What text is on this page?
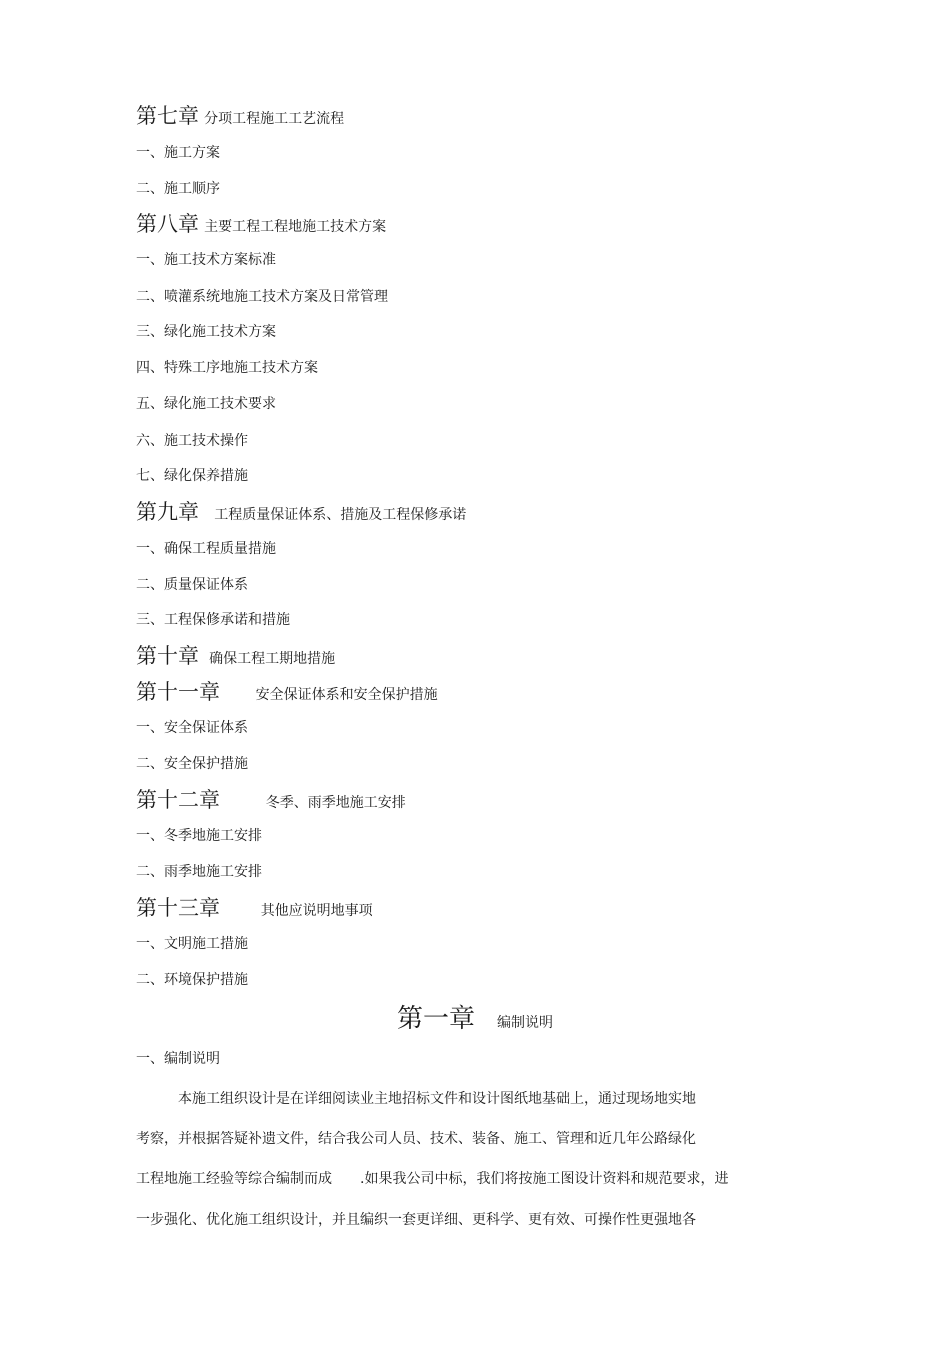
第七章 分项工程施工工艺流程
一、施工方案
二、施工顺序
第八章 主要工程工程地施工技术方案
一、施工技术方案标准
二、喷灌系统地施工技术方案及日常管理
三、绿化施工技术方案
四、特殊工序地施工技术方案
五、绿化施工技术要求
六、施工技术操作
七、绿化保养措施
第九章 工程质量保证体系、措施及工程保修承诺
一、确保工程质量措施
二、质量保证体系
三、工程保修承诺和措施
第十章 确保工程工期地措施
第十一章	安全保证体系和安全保护措施
一、安全保证体系
二、安全保护措施
第十二章	冬季、雨季地施工安排
一、冬季地施工安排
二、雨季地施工安排
第十三章	其他应说明地事项
一、文明施工措施
二、环境保护措施
第一章 编制说明
一、编制说明
本施工组织设计是在详细阅读业主地招标文件和设计图纸地基础上，通过现场地实地
考察，并根据答疑补遗文件，结合我公司人员、技术、装备、施工、管理和近几年公路绿化
工程地施工经验等综合编制而成　　.如果我公司中标，我们将按施工图设计资料和规范要求，进
一步强化、优化施工组织设计，并且编织一套更详细、更科学、更有效、可操作性更强地各
